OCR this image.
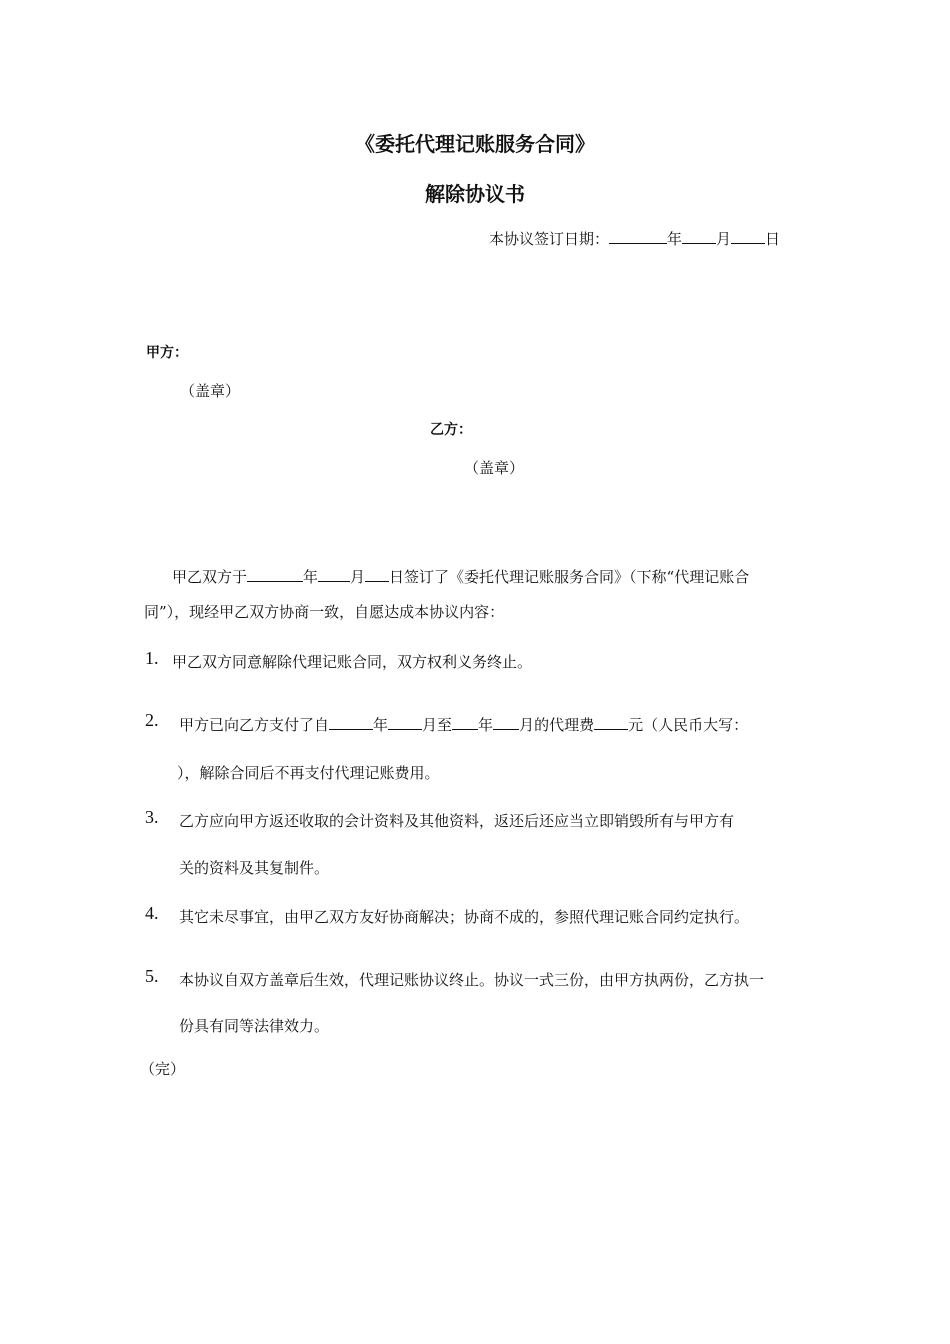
《委托代理记账服务合同》
解除协议书
本协议签订日期：	年 月 日
甲方：
（盖章）
乙方：
（盖章）
甲乙双方于	年 月 日签订了《委托代理记账服务合同》（下称“代理记账合
同”），现经甲乙双方协商一致，自愿达成本协议内容：
1. 甲乙双方同意解除代理记账合同，双方权利义务终止。
2. 甲方已向乙方支付了自	年 月至 年 月的代理费 元（人民币大写：
），解除合同后不再支付代理记账费用。
3. 乙方应向甲方返还收取的会计资料及其他资料，返还后还应当立即销毁所有与甲方有
关的资料及其复制件。
4. 其它未尽事宜，由甲乙双方友好协商解决；协商不成的，参照代理记账合同约定执行。
5. 本协议自双方盖章后生效，代理记账协议终止。协议一式三份，由甲方执两份，乙方执一
份具有同等法律效力。
（完）
